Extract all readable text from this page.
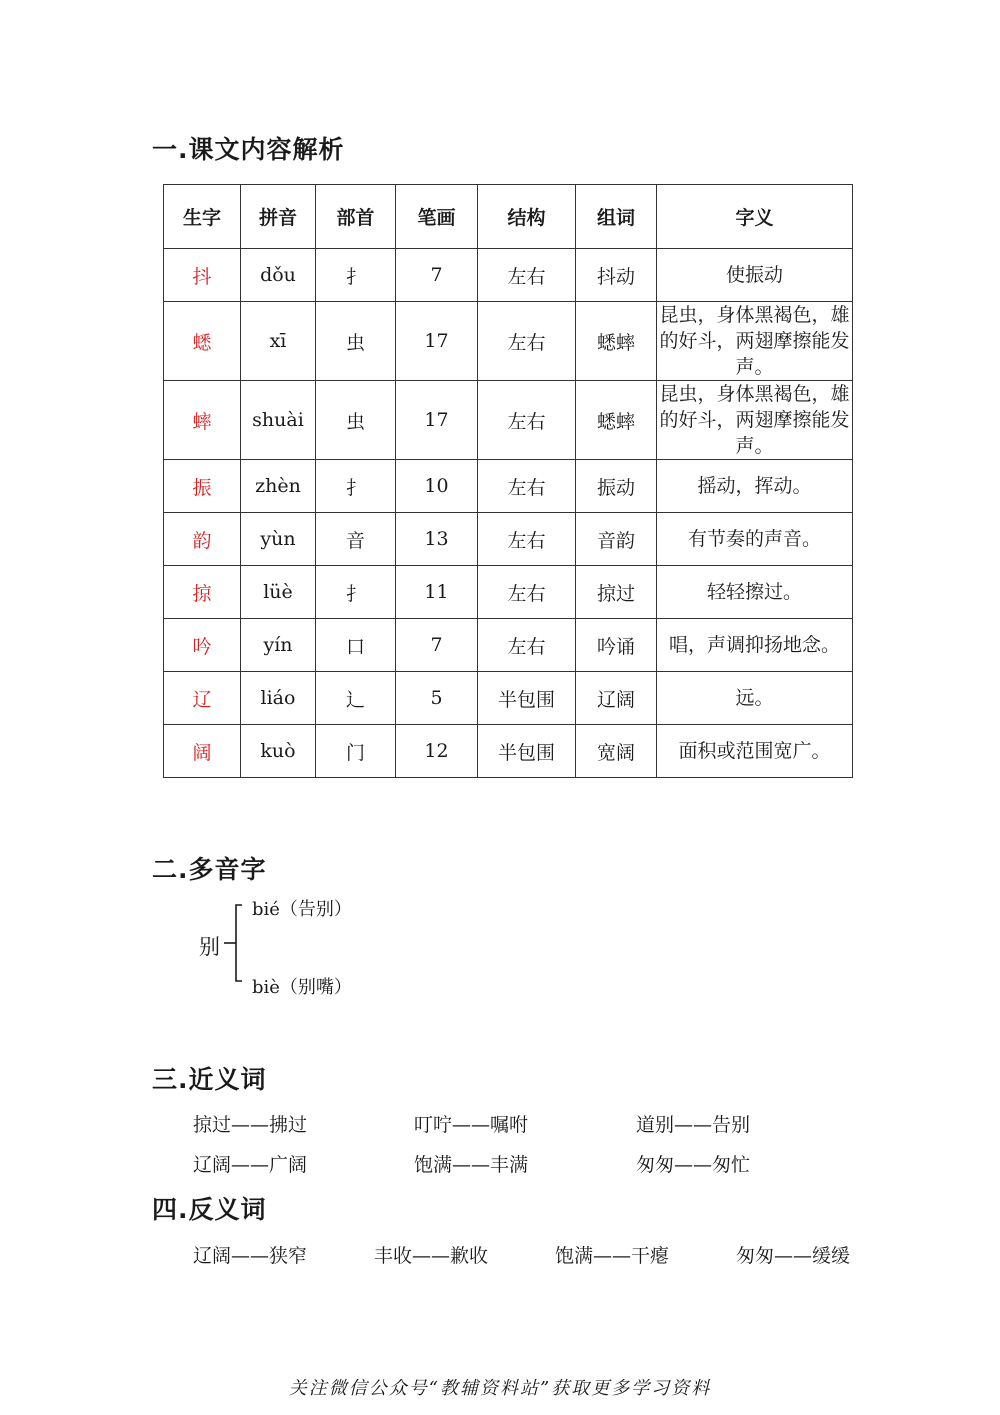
一.课文内容解析
生字	拼音	部首	笔画	结构	组词	字义
抖	dǒu	扌	7	左右	抖动	使振动
蟋	xī	虫	17	左右	蟋蟀	昆虫，身体黑褐色，雄的好斗，两翅摩擦能发声。
蟀	shuài	虫	17	左右	蟋蟀	昆虫，身体黑褐色，雄的好斗，两翅摩擦能发声。
振	zhèn	扌	10	左右	振动	摇动，挥动。
韵	yùn	音	13	左右	音韵	有节奏的声音。
掠	lüè	扌	11	左右	掠过	轻轻擦过。
吟	yín	口	7	左右	吟诵	唱，声调抑扬地念。
辽	liáo	辶	5	半包围	辽阔	远。
阔	kuò	门	12	半包围	宽阔	面积或范围宽广。
二.多音字
别
bié（告别）
biè（别嘴）
三.近义词
掠过——拂过	叮咛——嘱咐	道别——告别
辽阔——广阔	饱满——丰满	匆匆——匆忙
四.反义词
辽阔——狭窄	丰收——歉收	饱满——干瘪	匆匆——缓缓
关注微信公众号“教辅资料站”获取更多学习资料
